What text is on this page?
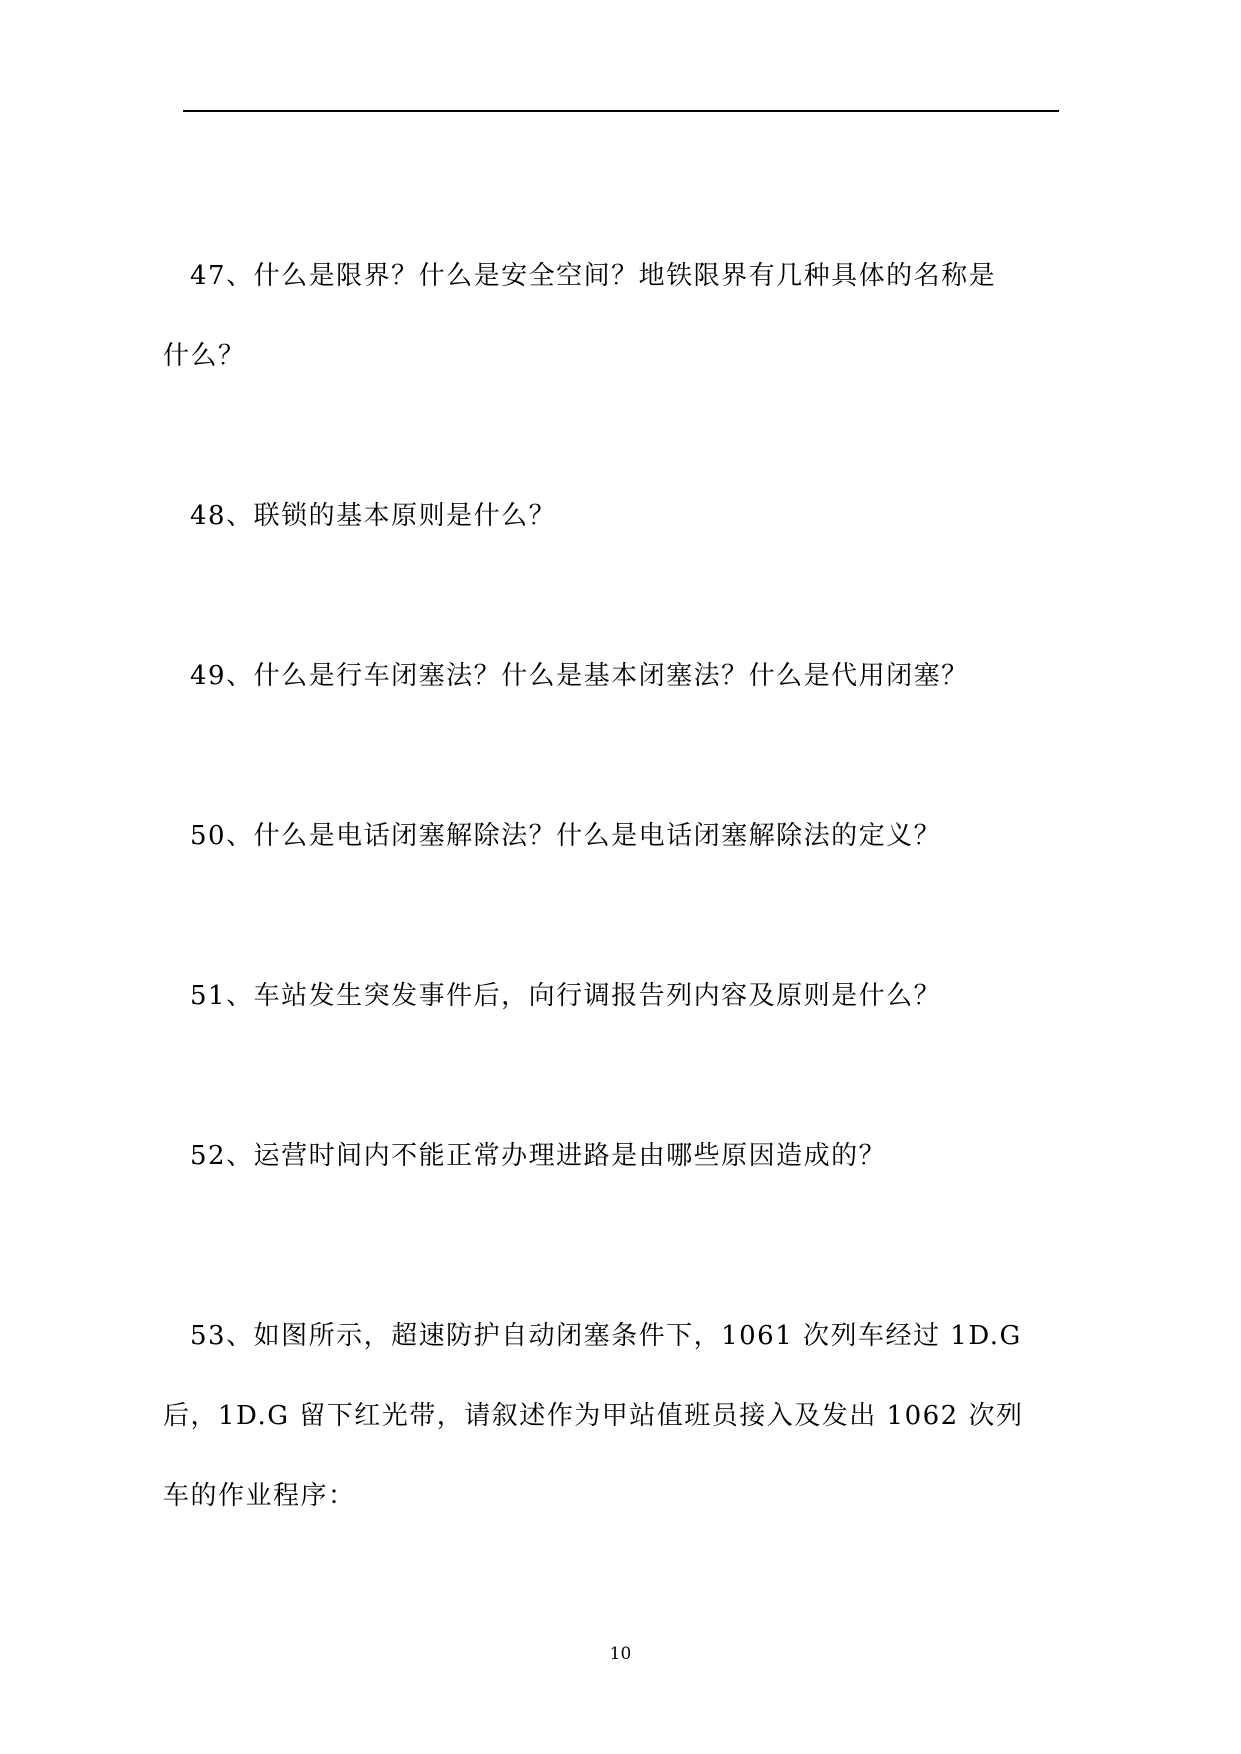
47、什么是限界？什么是安全空间？地铁限界有几种具体的名称是
什么？
48、联锁的基本原则是什么？
49、什么是行车闭塞法？什么是基本闭塞法？什么是代用闭塞？
50、什么是电话闭塞解除法？什么是电话闭塞解除法的定义？
51、车站发生突发事件后，向行调报告列内容及原则是什么？
52、运营时间内不能正常办理进路是由哪些原因造成的？
53、如图所示，超速防护自动闭塞条件下，1061 次列车经过 1D.G
后，1D.G 留下红光带，请叙述作为甲站值班员接入及发出 1062 次列
车的作业程序：
10
